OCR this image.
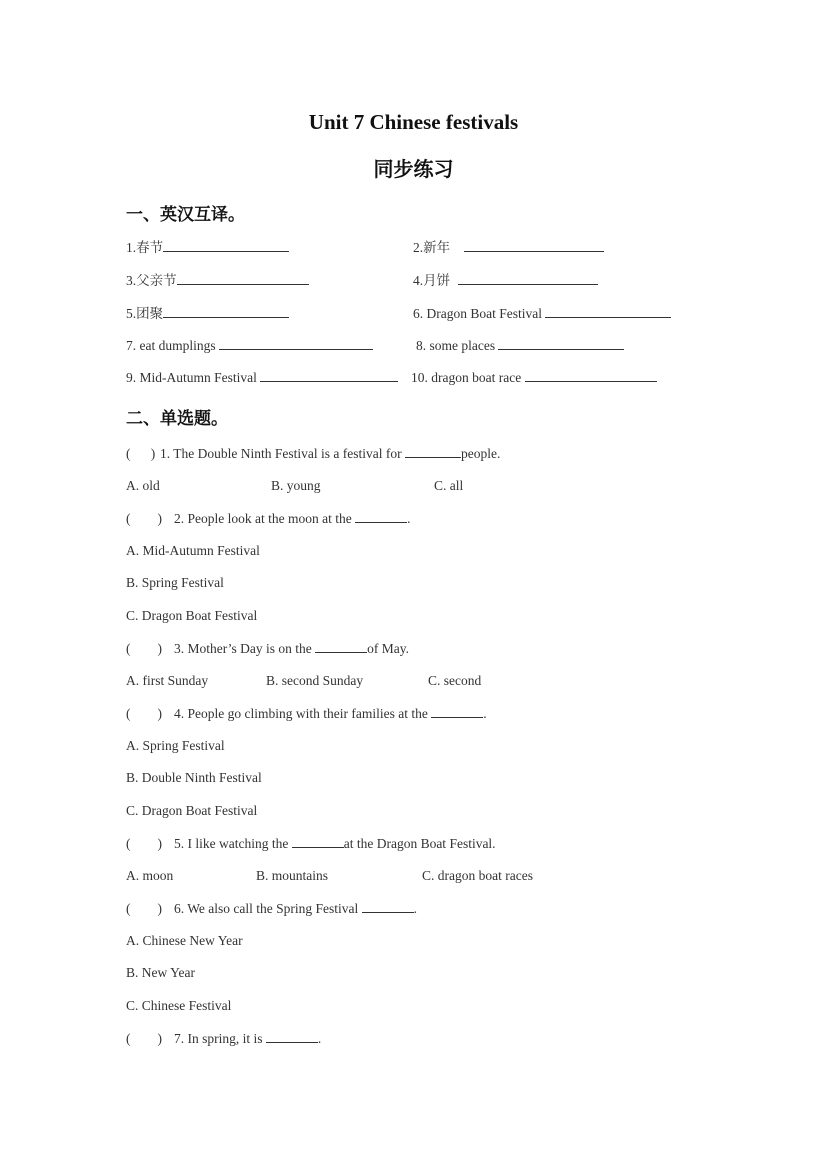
Unit 7 Chinese festivals
同步练习
一、英汉互译。
1.春节	2.新年
3.父亲节	4.月饼
5.团聚	6. Dragon Boat Festival
7. eat dumplings	8. some places
9. Mid-Autumn Festival	10. dragon boat race
二、单选题。
(      ) 1. The Double Ninth Festival is a festival for	people.
A. old	B. young	C. all
(        ) 2. People look at the moon at the	.
A. Mid-Autumn Festival
B. Spring Festival
C. Dragon Boat Festival
(        ) 3. Mother’s Day is on the	of May.
A. first Sunday	B. second Sunday	C. second
(        ) 4. People go climbing with their families at the	.
A. Spring Festival
B. Double Ninth Festival
C. Dragon Boat Festival
(        ) 5. I like watching the	at the Dragon Boat Festival.
A. moon	B. mountains	C. dragon boat races
(        ) 6. We also call the Spring Festival	.
A. Chinese New Year
B. New Year
C. Chinese Festival
(        ) 7. In spring, it is	.
